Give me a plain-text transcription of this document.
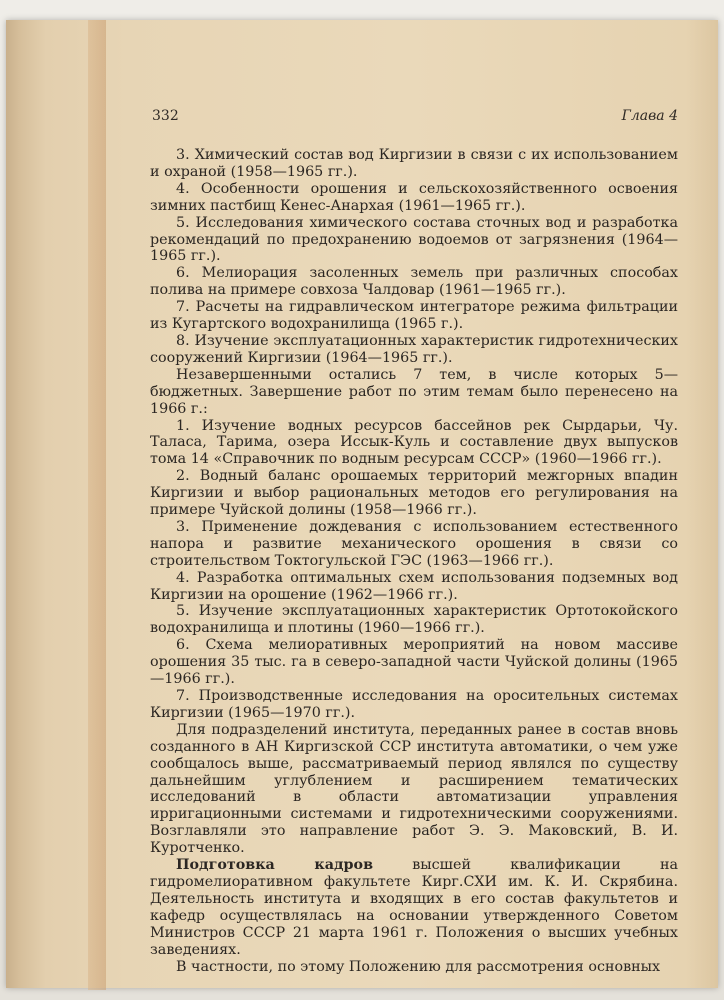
332	Глава 4

3. Химический состав вод Киргизии в связи с их использованием и охраной (1958—1965 гг.).

4. Особенности орошения и сельскохозяйственного освоения зимних пастбищ Кенес-Анархая (1961—1965 гг.).

5. Исследования химического состава сточных вод и разработка рекомендаций по предохранению водоемов от загрязнения (1964—1965 гг.).

6. Мелиорация засоленных земель при различных способах полива на примере совхоза Чалдовар (1961—1965 гг.).

7. Расчеты на гидравлическом интеграторе режима фильтрации из Кугартского водохранилища (1965 г.).

8. Изучение эксплуатационных характеристик гидротехнических сооружений Киргизии (1964—1965 гг.).

Незавершенными остались 7 тем, в числе которых 5— бюджетных. Завершение работ по этим темам было перенесено на 1966 г.:

1. Изучение водных ресурсов бассейнов рек Сырдарьи, Чу. Таласа, Тарима, озера Иссык-Куль и составление двух выпусков тома 14 «Справочник по водным ресурсам СССР» (1960—1966 гг.).

2. Водный баланс орошаемых территорий межгорных впадин Киргизии и выбор рациональных методов его регулирования на примере Чуйской долины (1958—1966 гг.).

3. Применение дождевания с использованием естественного напора и развитие механического орошения в связи со строительством Токтогульской ГЭС (1963—1966 гг.).

4. Разработка оптимальных схем использования подземных вод Киргизии на орошение (1962—1966 гг.).

5. Изучение эксплуатационных характеристик Ортотокойского водохранилища и плотины (1960—1966 гг.).

6. Схема мелиоративных мероприятий на новом массиве орошения 35 тыс. га в северо-западной части Чуйской долины (1965—1966 гг.).

7. Производственные исследования на оросительных системах Киргизии (1965—1970 гг.).

Для подразделений института, переданных ранее в состав вновь созданного в АН Киргизской ССР института автоматики, о чем уже сообщалось выше, рассматриваемый период являлся по существу дальнейшим углублением и расширением тематических исследований в области автоматизации управления ирригационными системами и гидротехническими сооружениями. Возглавляли это направление работ Э. Э. Маковский, В. И. Куротченко.

Подготовка кадров высшей квалификации на гидромелиоративном факультете Кирг.СХИ им. К. И. Скрябина. Деятельность института и входящих в его состав факультетов и кафедр осуществлялась на основании утвержденного Советом Министров СССР 21 марта 1961 г. Положения о высших учебных заведениях.

В частности, по этому Положению для рассмотрения основных
